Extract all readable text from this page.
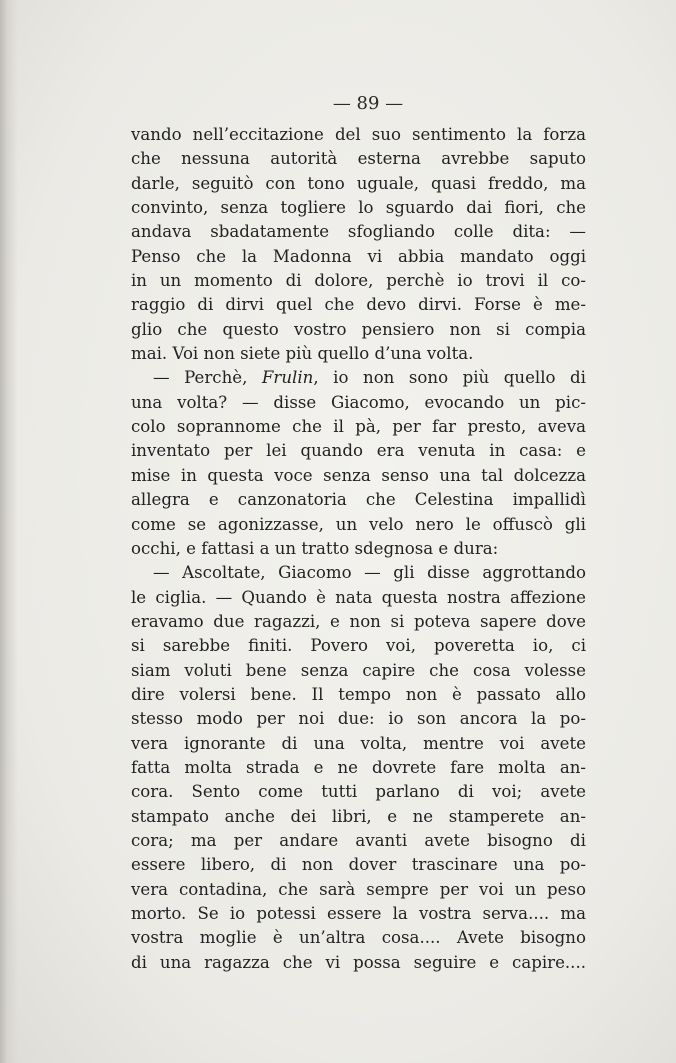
— 89 —
vando nell’eccitazione del suo sentimento la forza
che nessuna autorità esterna avrebbe saputo
darle, seguitò con tono uguale, quasi freddo, ma
convinto, senza togliere lo sguardo dai fiori, che
andava sbadatamente sfogliando colle dita: —
Penso che la Madonna vi abbia mandato oggi
in un momento di dolore, perchè io trovi il co-
raggio di dirvi quel che devo dirvi. Forse è me-
glio che questo vostro pensiero non si compia
mai. Voi non siete più quello d’una volta.
— Perchè, Frulin, io non sono più quello di
una volta? — disse Giacomo, evocando un pic-
colo soprannome che il pà, per far presto, aveva
inventato per lei quando era venuta in casa: e
mise in questa voce senza senso una tal dolcezza
allegra e canzonatoria che Celestina impallidì
come se agonizzasse, un velo nero le offuscò gli
occhi, e fattasi a un tratto sdegnosa e dura:
— Ascoltate, Giacomo — gli disse aggrottando
le ciglia. — Quando è nata questa nostra affezione
eravamo due ragazzi, e non si poteva sapere dove
si sarebbe finiti. Povero voi, poveretta io, ci
siam voluti bene senza capire che cosa volesse
dire volersi bene. Il tempo non è passato allo
stesso modo per noi due: io son ancora la po-
vera ignorante di una volta, mentre voi avete
fatta molta strada e ne dovrete fare molta an-
cora. Sento come tutti parlano di voi; avete
stampato anche dei libri, e ne stamperete an-
cora; ma per andare avanti avete bisogno di
essere libero, di non dover trascinare una po-
vera contadina, che sarà sempre per voi un peso
morto. Se io potessi essere la vostra serva.... ma
vostra moglie è un’altra cosa.... Avete bisogno
di una ragazza che vi possa seguire e capire....
